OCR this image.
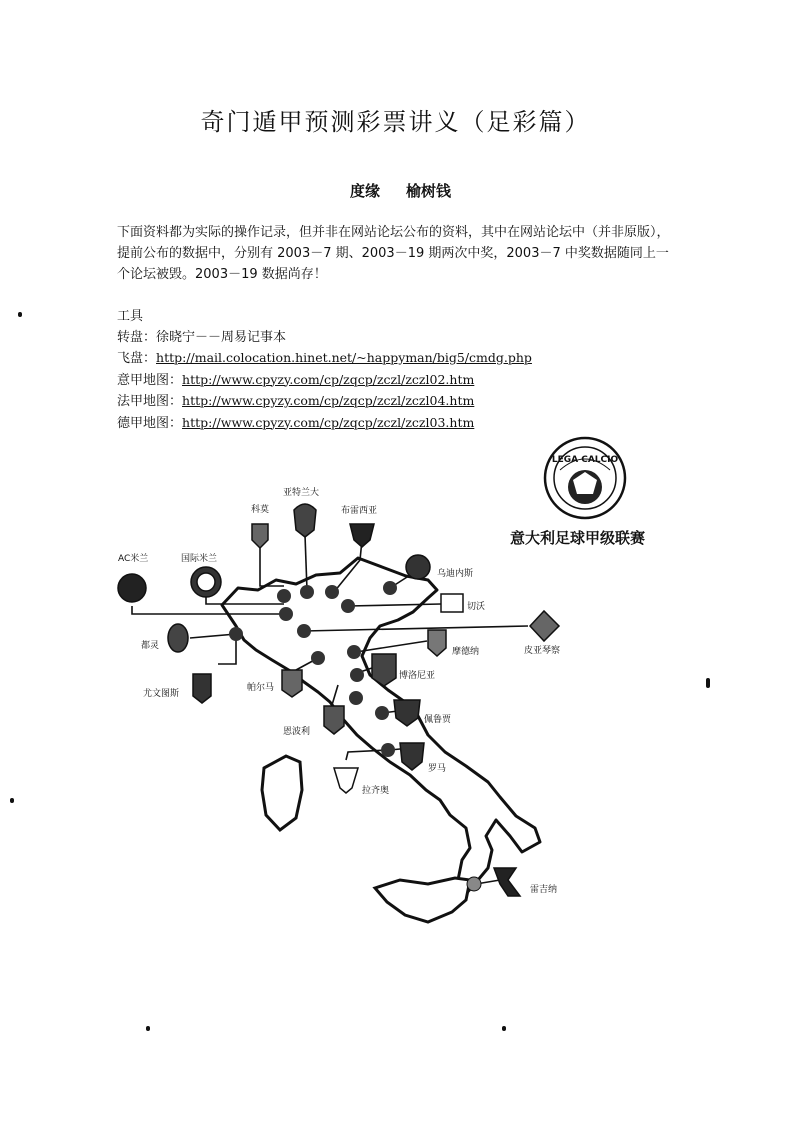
奇门遁甲预测彩票讲义（足彩篇）
度缘 榆树钱
下面资料都为实际的操作记录，但并非在网站论坛公布的资料，其中在网站论坛中（并非原版），提前公布的数据中，分别有 2003－7 期、2003－19 期两次中奖，2003－7 中奖数据随同上一个论坛被毁。2003－19 数据尚存！
工具
转盘：徐晓宁－－周易记事本
飞盘：http://mail.colocation.hinet.net/~happyman/big5/cmdg.php
意甲地图：http://www.cpyzy.com/cp/zqcp/zczl/zczl02.htm
法甲地图：http://www.cpyzy.com/cp/zqcp/zczl/zczl04.htm
德甲地图：http://www.cpyzy.com/cp/zqcp/zczl/zczl03.htm
LEGA CALCIO
意大利足球甲级联赛
AC米兰	国际米兰
科莫
亚特兰大
布雷西亚
乌迪内斯
切沃
皮亚琴察
摩德纳
都灵
尤文图斯
帕尔马
博洛尼亚
佩鲁贾
恩波利
罗马
拉齐奥
雷吉纳
